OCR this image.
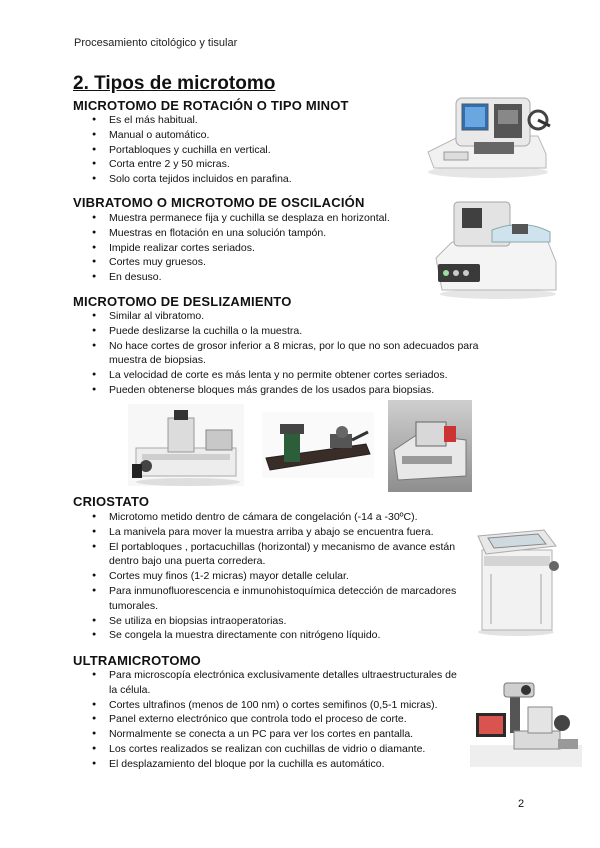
Procesamiento citológico y tisular
2. Tipos de microtomo
MICROTOMO DE ROTACIÓN O TIPO MINOT
● Es el más habitual.
● Manual o automático.
● Portabloques y cuchilla en vertical.
● Corta entre 2 y 50 micras.
● Solo corta tejidos incluidos en parafina.
VIBRATOMO O MICROTOMO DE OSCILACIÓN
● Muestra permanece fija y cuchilla se desplaza en horizontal.
● Muestras en flotación en una solución tampón.
● Impide realizar cortes seriados.
● Cortes muy gruesos.
● En desuso.
MICROTOMO DE DESLIZAMIENTO
● Similar al vibratomo.
● Puede deslizarse la cuchilla o la muestra.
● No hace cortes de grosor inferior a 8 micras, por lo que no son adecuados para muestra de biopsias.
● La velocidad de corte es más lenta y no permite obtener cortes seriados.
● Pueden obtenerse bloques más grandes de los usados para biopsias.
CRIOSTATO
● Microtomo metido dentro de cámara de congelación (-14 a -30ºC).
● La manivela para mover la muestra arriba y abajo se encuentra fuera.
● El portabloques , portacuchillas (horizontal) y mecanismo de avance están dentro bajo una puerta corredera.
● Cortes muy finos (1-2 micras) mayor detalle celular.
● Para inmunofluorescencia e inmunohistoquímica detección de marcadores tumorales.
● Se utiliza en biopsias intraoperatorias.
● Se congela la muestra directamente con nitrógeno líquido.
ULTRAMICROTOMO
● Para microscopía electrónica exclusivamente detalles ultraestructurales de la célula.
● Cortes ultrafinos (menos de 100 nm) o cortes semifinos (0,5-1 micras).
● Panel externo electrónico que controla todo el proceso de corte.
● Normalmente se conecta a un PC para ver los cortes en pantalla.
● Los cortes realizados se realizan con cuchillas de vidrio o diamante.
● El desplazamiento del bloque por la cuchilla es automático.
2
